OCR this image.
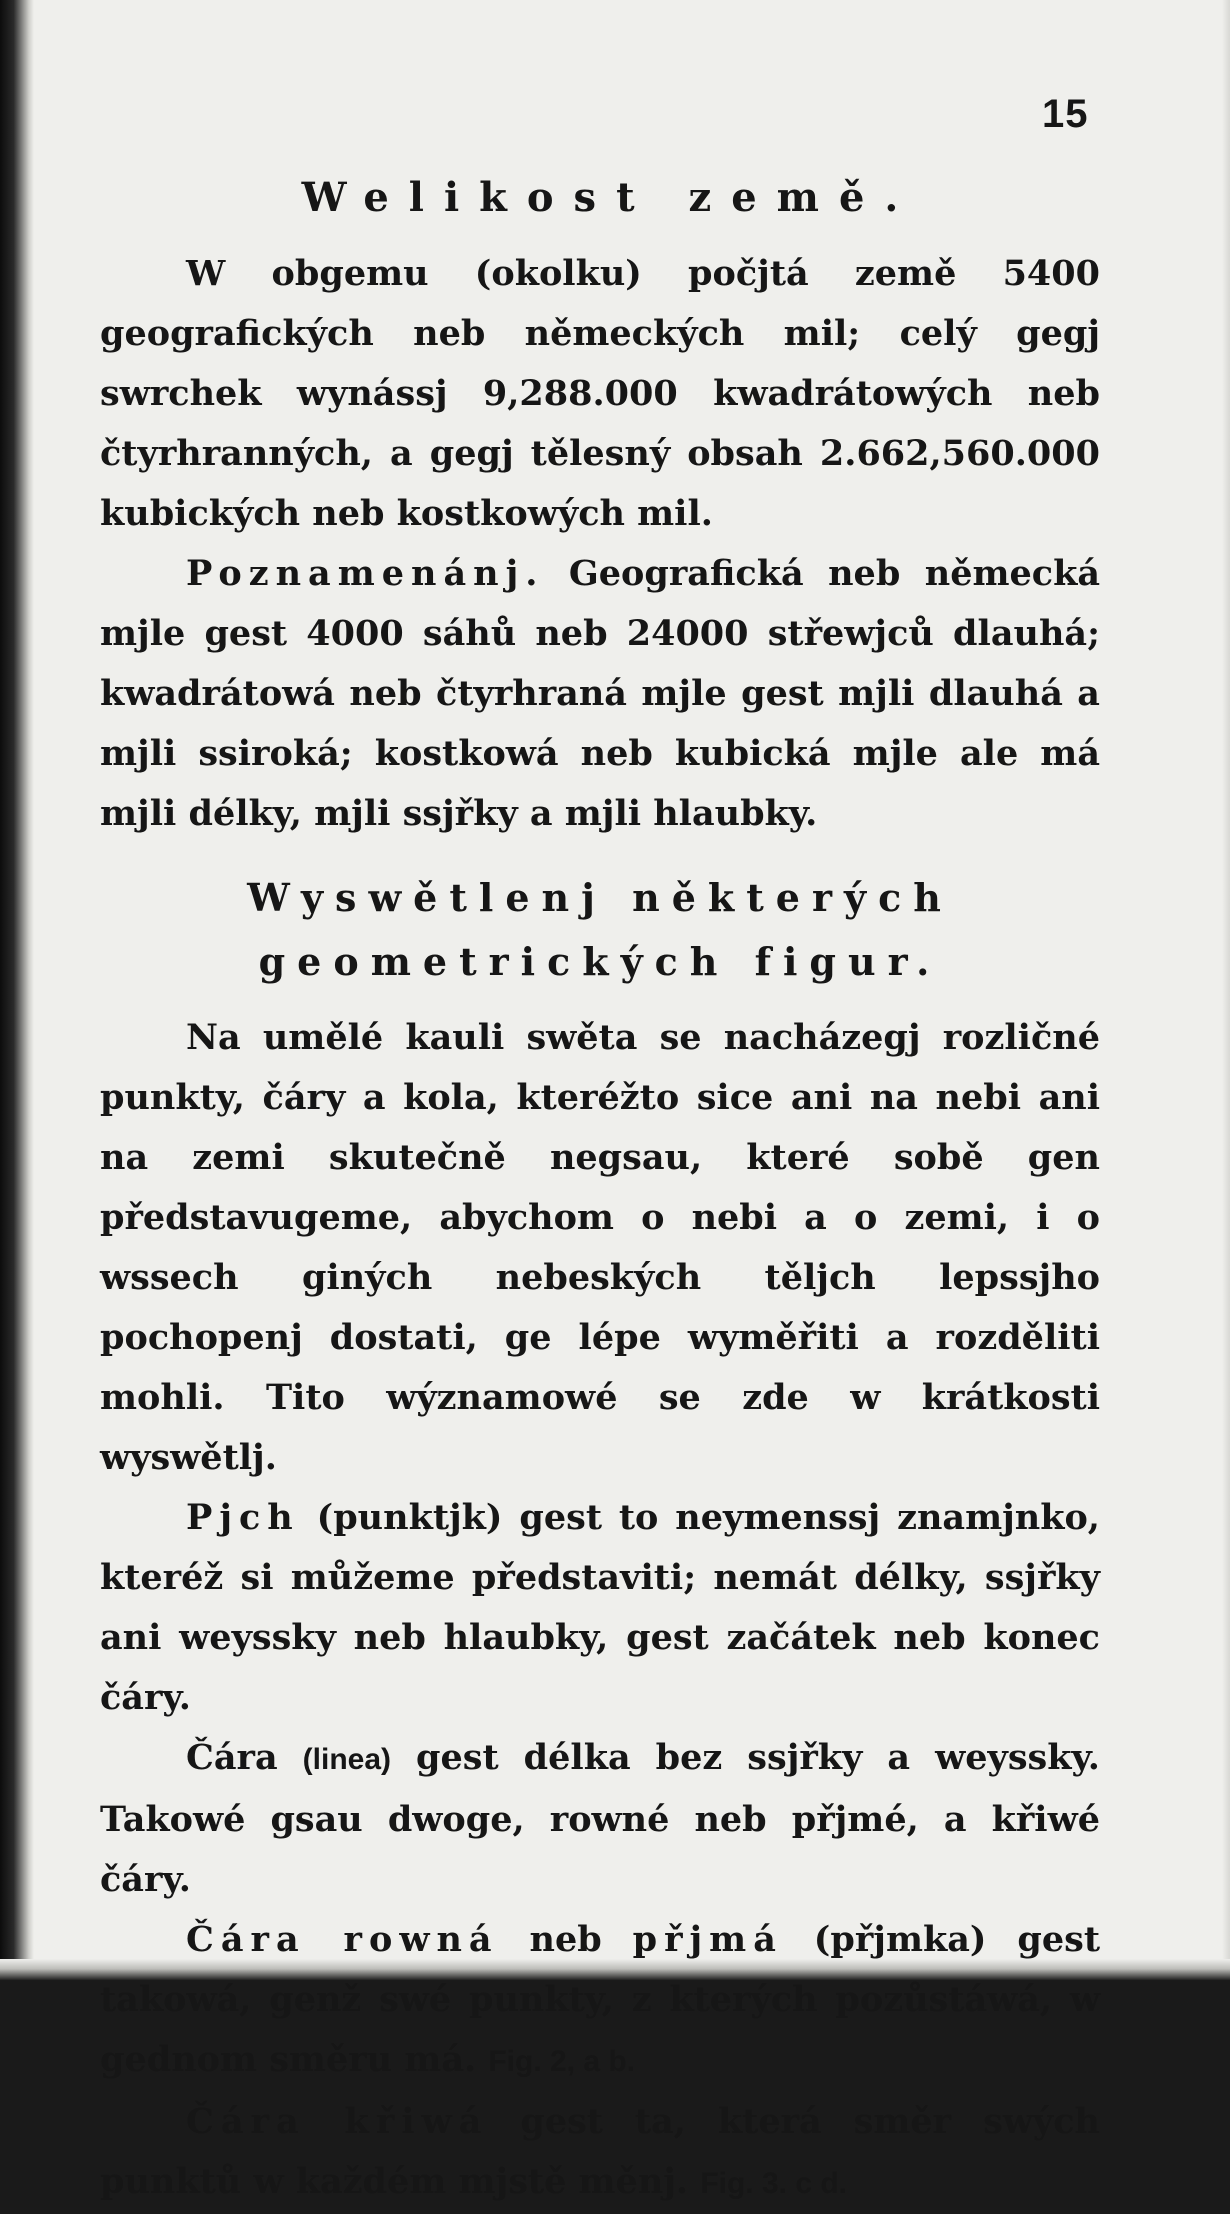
15
Welikost země.

W obgemu (okolku) počjtá země 5400 geografických neb německých mil; celý gegj swrchek wynássj 9,288.000 kwadrátowých neb čtyrhranných, a gegj tělesný obsah 2.662,560.000 kubických neb kostkowých mil.

Poznamenánj. Geografická neb německá mjle gest 4000 sáhů neb 24000 střewjců dlauhá; kwadrátowá neb čtyrhraná mjle gest mjli dlauhá a mjli ssiroká; kostkowá neb kubická mjle ale má mjli délky, mjli ssjřky a mjli hlaubky.

Wyswětlenj některých geometrických figur.

Na umělé kauli swěta se nacházegj rozličné punkty, čáry a kola, kteréžto sice ani na nebi ani na zemi skutečně negsau, které sobě gen představugeme, abychom o nebi a o zemi, i o wssech giných nebeských těljch lepssjho pochopenj dostati, ge lépe wyměřiti a rozděliti mohli. Tito wýznamowé se zde w krátkosti wyswětlj.

Pjch (punktjk) gest to neymenssj znamjnko, kteréž si můžeme představiti; nemát délky, ssjřky ani weyssky neb hlaubky, gest začátek neb konec čáry.

Čára (linea) gest délka bez ssjřky a weyssky. Takowé gsau dwoge, rowné neb přjmé, a křiwé čáry.

Čára rowná neb přjmá (přjmka) gest takowá, genž swé punkty, z kterých pozůstáwá, w gednom směru má. Fig. 2, a b.

Čára křiwá gest ta, která směr swých punktů w každém mjstě měnj. Fig. 3. c d.
